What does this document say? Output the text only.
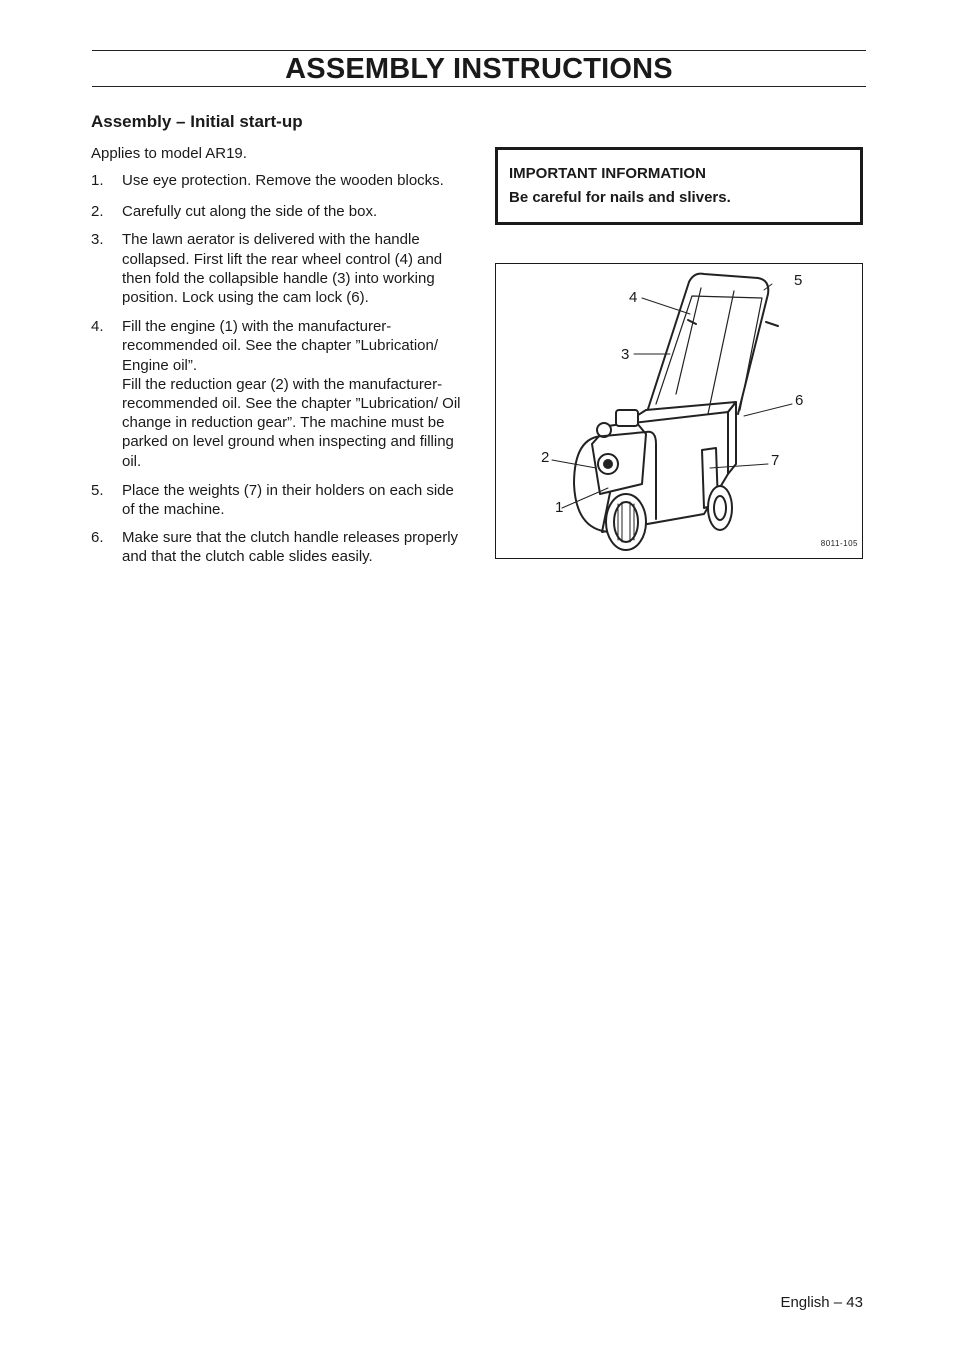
ASSEMBLY INSTRUCTIONS
Assembly – Initial start-up

Applies to model AR19.

1. Use eye protection. Remove the wooden blocks.
2. Carefully cut along the side of the box.
3. The lawn aerator is delivered with the handle collapsed. First lift the rear wheel control (4) and then fold the collapsible handle (3) into working position. Lock using the cam lock (6).
4. Fill the engine (1) with the manufacturer-recommended oil. See the chapter ”Lubrication/ Engine oil”.
Fill the reduction gear (2) with the manufacturer-recommended oil. See the chapter ”Lubrication/ Oil change in reduction gear”. The machine must be parked on level ground when inspecting and filling oil.
5. Place the weights (7) in their holders on each side of the machine.
6. Make sure that the clutch handle releases properly and that the clutch cable slides easily.

IMPORTANT INFORMATION

Be careful for nails and slivers.

1
2
3
4
5
6
7
8011-105
English – 43
